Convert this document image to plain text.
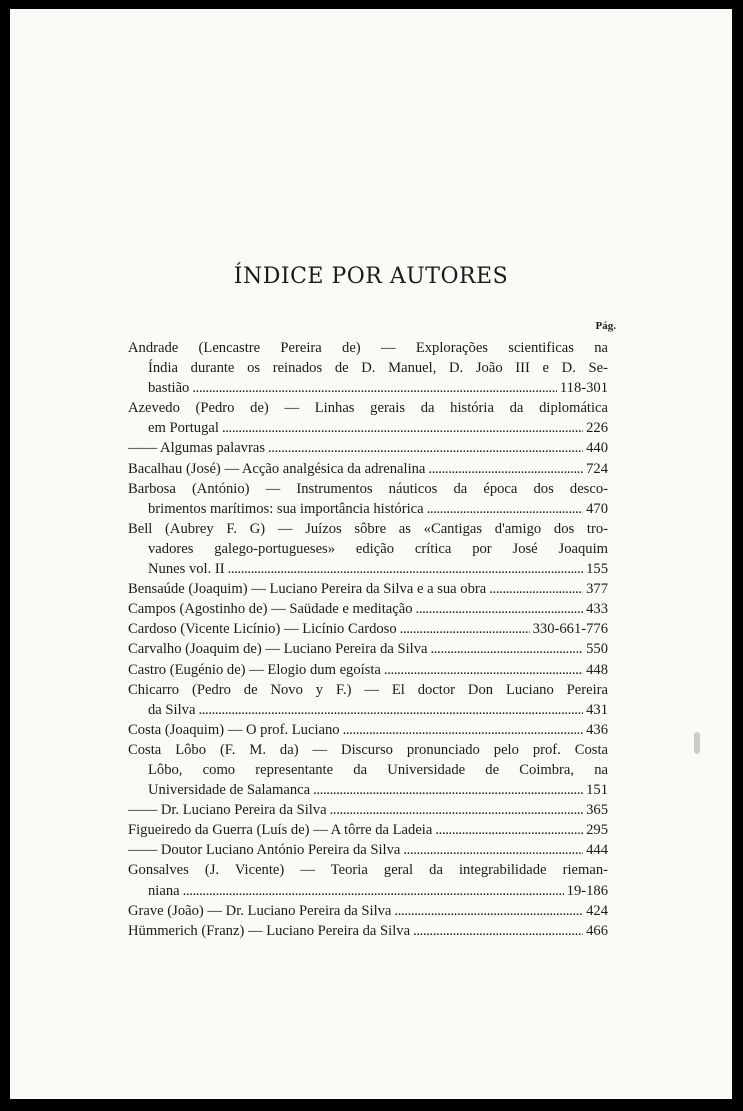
ÍNDICE POR AUTORES
Pág.
Andrade (Lencastre Pereira de) — Explorações scientificas na
Índia durante os reinados de D. Manuel, D. João III e D. Se-
bastião . . .	118-301
Azevedo (Pedro de) — Linhas gerais da história da diplomática
em Portugal . . .	226
—— Algumas palavras . . .	440
Bacalhau (José) — Acção analgésica da adrenalina . . .	724
Barbosa (António) — Instrumentos náuticos da época dos desco-
brimentos marítimos: sua importância histórica . . .	470
Bell (Aubrey F. G) — Juízos sôbre as «Cantigas d'amigo dos tro-
vadores galego-portugueses» edição crítica por José Joaquim
Nunes vol. II . . .	155
Bensaúde (Joaquim) — Luciano Pereira da Silva e a sua obra . . .	377
Campos (Agostinho de) — Saüdade e meditação . . .	433
Cardoso (Vicente Licínio) — Licínio Cardoso . . .	330-661-776
Carvalho (Joaquim de) — Luciano Pereira da Silva . . .	550
Castro (Eugénio de) — Elogio dum egoísta . . .	448
Chicarro (Pedro de Novo y F.) — El doctor Don Luciano Pereira
da Silva . . .	431
Costa (Joaquim) — O prof. Luciano . . .	436
Costa Lôbo (F. M. da) — Discurso pronunciado pelo prof. Costa
Lôbo, como representante da Universidade de Coimbra, na
Universidade de Salamanca . . .	151
—— Dr. Luciano Pereira da Silva . . .	365
Figueiredo da Guerra (Luís de) — A tôrre da Ladeia . . .	295
—— Doutor Luciano António Pereira da Silva . . .	444
Gonsalves (J. Vicente) — Teoria geral da integrabilidade rieman-
niana . . .	19-186
Grave (João) — Dr. Luciano Pereira da Silva . . .	424
Hümmerich (Franz) — Luciano Pereira da Silva . . .	466
